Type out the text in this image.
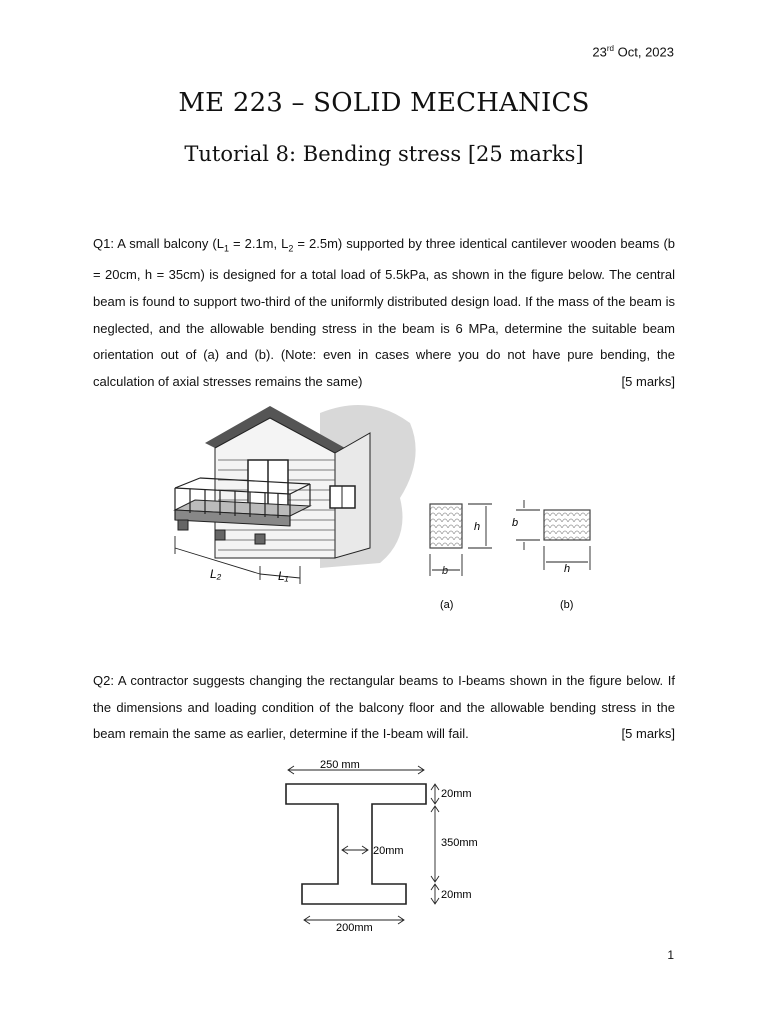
23rd Oct, 2023
ME 223 – SOLID MECHANICS
Tutorial 8: Bending stress [25 marks]
Q1: A small balcony ($L_1 = 2.1m$, $L_2 = 2.5m$) supported by three identical cantilever wooden beams (b = 20cm, h = 35cm) is designed for a total load of 5.5kPa, as shown in the figure below. The central beam is found to support two-third of the uniformly distributed design load. If the mass of the beam is neglected, and the allowable bending stress in the beam is 6 MPa, determine the suitable beam orientation out of (a) and (b). (Note: even in cases where you do not have pure bending, the calculation of axial stresses remains the same)	[5 marks]
L₂	L₁
h
b
(a)
b
h
(b)
Q2: A contractor suggests changing the rectangular beams to I-beams shown in the figure below. If the dimensions and loading condition of the balcony floor and the allowable bending stress in the beam remain the same as earlier, determine if the I-beam will fail.	[5 marks]
250 mm
20mm
350mm
20mm
20mm
200mm
1
